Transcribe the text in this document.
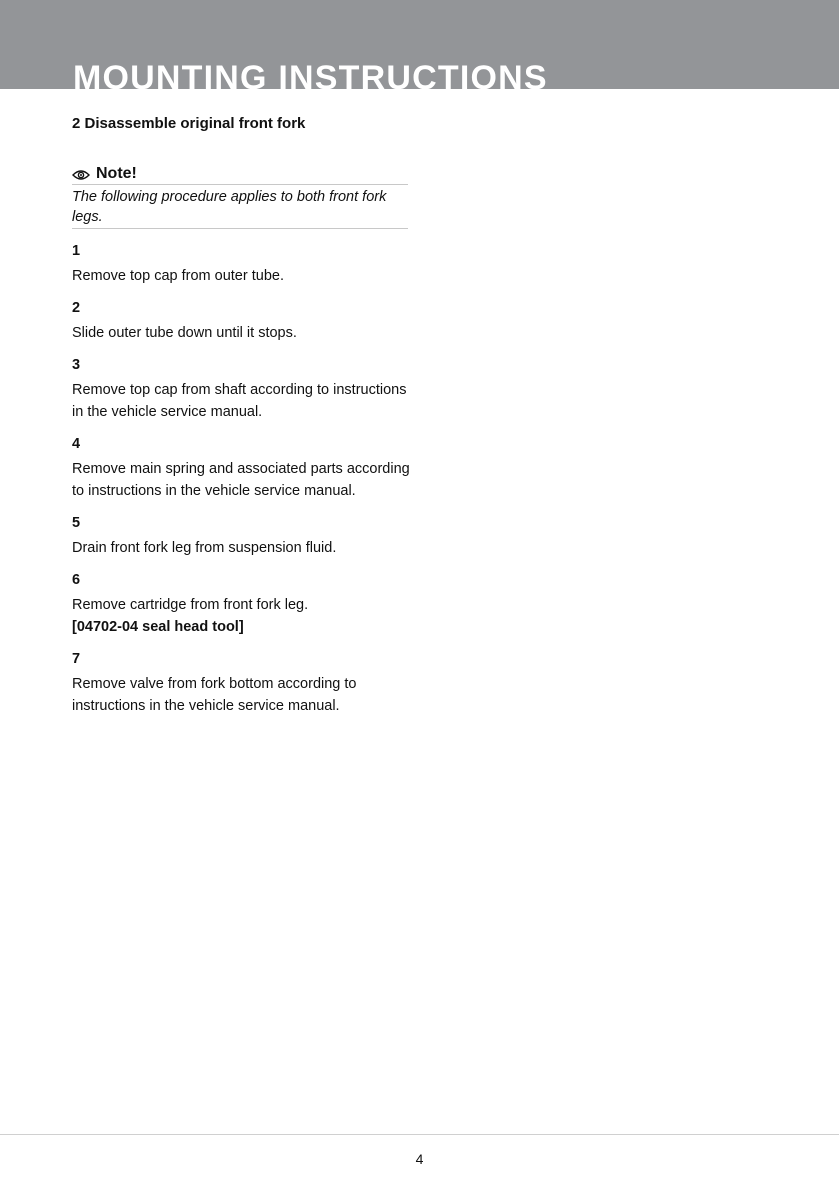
MOUNTING INSTRUCTIONS
2 Disassemble original front fork
Note!
The following procedure applies to both front fork legs.
1
Remove top cap from outer tube.
2
Slide outer tube down until it stops.
3
Remove top cap from shaft according to instructions in the vehicle service manual.
4
Remove main spring and associated parts according to instructions in the vehicle service manual.
5
Drain front fork leg from suspension fluid.
6
Remove cartridge from front fork leg.
[04702-04 seal head tool]
7
Remove valve from fork bottom according to instructions in the vehicle service manual.
4
